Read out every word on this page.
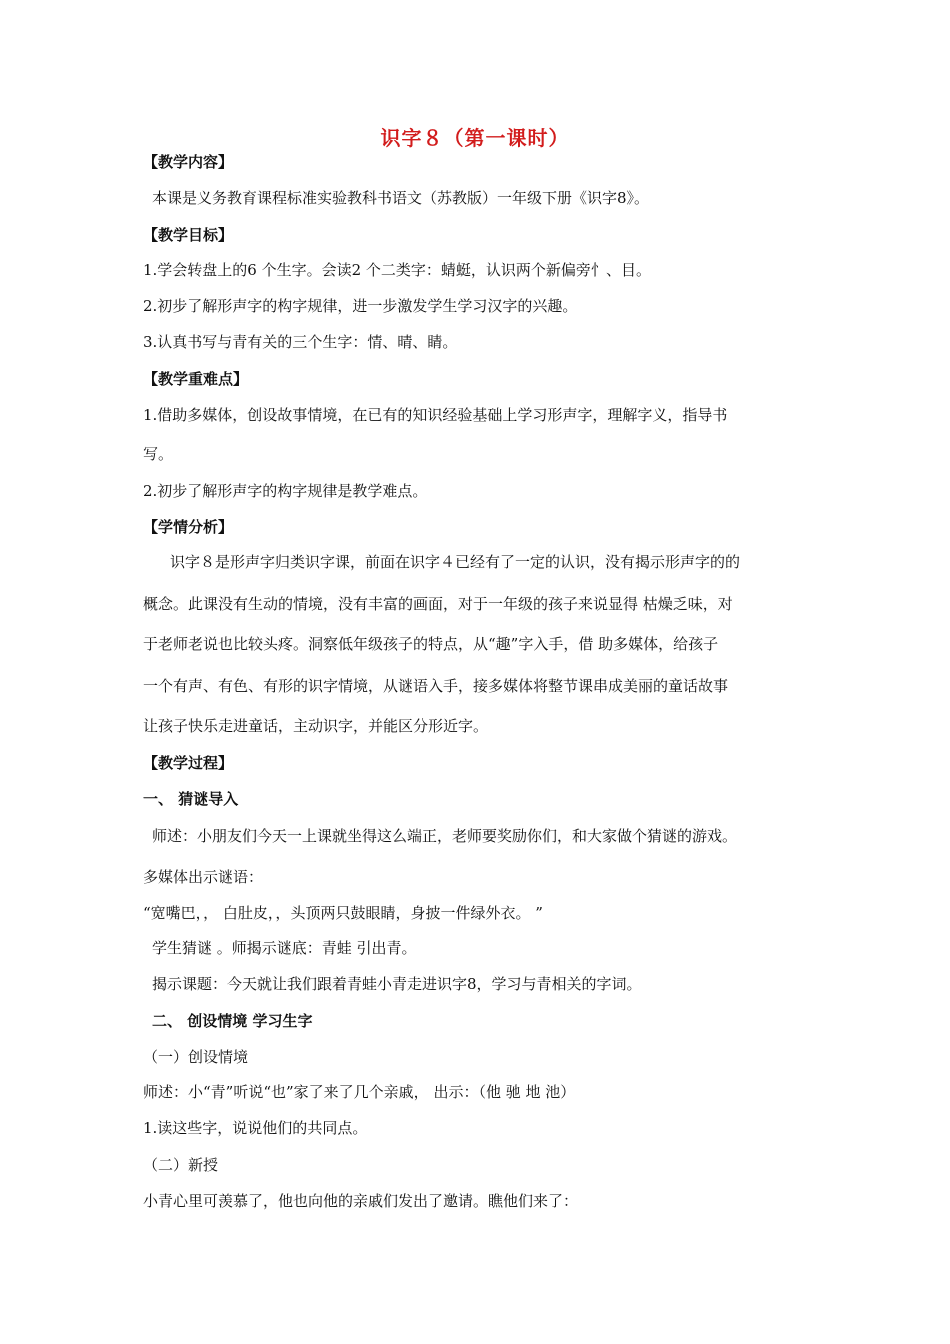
识字８（第一课时）
【教学内容】
本课是义务教育课程标准实验教科书语文（苏教版）一年级下册《识字8》。
【教学目标】
1.学会转盘上的6 个生字。会读2 个二类字：蜻蜓，认识两个新偏旁忄、目。
2.初步了解形声字的构字规律，进一步激发学生学习汉字的兴趣。
3.认真书写与青有关的三个生字：情、晴、睛。
【教学重难点】
1.借助多媒体，创设故事情境，在已有的知识经验基础上学习形声字，理解字义，指导书
写。
2.初步了解形声字的构字规律是教学难点。
【学情分析】
识字８是形声字归类识字课，前面在识字４已经有了一定的认识，没有揭示形声字的的
概念。此课没有生动的情境，没有丰富的画面，对于一年级的孩子来说显得 枯燥乏味，对
于老师老说也比较头疼。洞察低年级孩子的特点，从“趣”字入手，借 助多媒体，给孩子
一个有声、有色、有形的识字情境，从谜语入手，接多媒体将整节课串成美丽的童话故事
让孩子快乐走进童话，主动识字，并能区分形近字。
【教学过程】
一、 猜谜导入
师述：小朋友们今天一上课就坐得这么端正，老师要奖励你们，和大家做个猜谜的游戏。
多媒体出示谜语：
“宽嘴巴，， 白肚皮，，头顶两只鼓眼睛，身披一件绿外衣。 ”
学生猜谜 。师揭示谜底：青蛙 引出青。
揭示课题：今天就让我们跟着青蛙小青走进识字8，学习与青相关的字词。
二、 创设情境 学习生字
（一）创设情境
师述：小“青”听说“也”家了来了几个亲戚， 出示：（他 驰 地 池）
1.读这些字，说说他们的共同点。
（二）新授
小青心里可羡慕了，他也向他的亲戚们发出了邀请。瞧他们来了：
